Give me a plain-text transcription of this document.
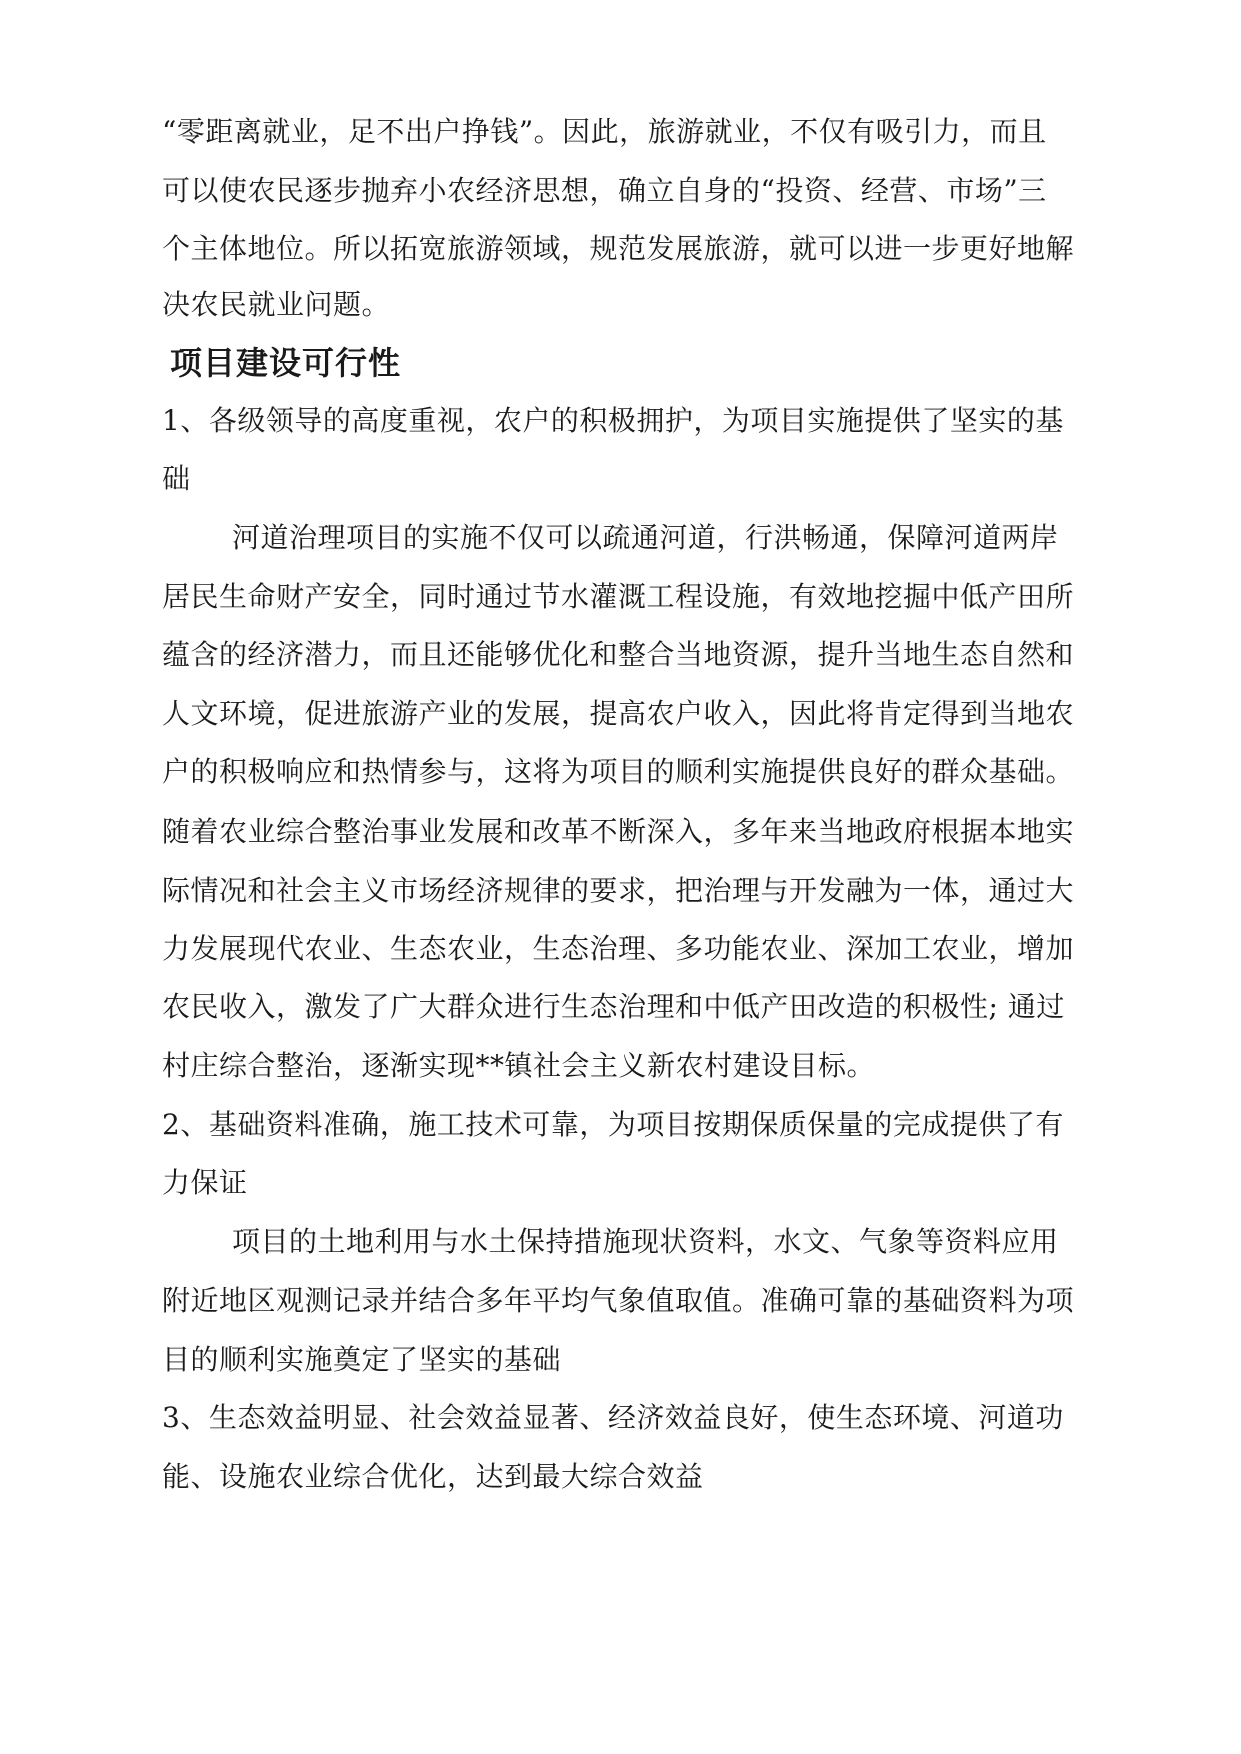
“零距离就业，足不出户挣钱”。因此，旅游就业，不仅有吸引力，而且
可以使农民逐步抛弃小农经济思想，确立自身的“投资、经营、市场”三
个主体地位。所以拓宽旅游领域，规范发展旅游，就可以进一步更好地解
决农民就业问题。
项目建设可行性
1、各级领导的高度重视，农户的积极拥护，为项目实施提供了坚实的基
础
河道治理项目的实施不仅可以疏通河道，行洪畅通，保障河道两岸
居民生命财产安全，同时通过节水灌溉工程设施，有效地挖掘中低产田所
蕴含的经济潜力，而且还能够优化和整合当地资源，提升当地生态自然和
人文环境，促进旅游产业的发展，提高农户收入，因此将肯定得到当地农
户的积极响应和热情参与，这将为项目的顺利实施提供良好的群众基础。
随着农业综合整治事业发展和改革不断深入，多年来当地政府根据本地实
际情况和社会主义市场经济规律的要求，把治理与开发融为一体，通过大
力发展现代农业、生态农业，生态治理、多功能农业、深加工农业，增加
农民收入，激发了广大群众进行生态治理和中低产田改造的积极性; 通过
村庄综合整治，逐渐实现**镇社会主义新农村建设目标。
2、基础资料准确，施工技术可靠，为项目按期保质保量的完成提供了有
力保证
项目的土地利用与水土保持措施现状资料，水文、气象等资料应用
附近地区观测记录并结合多年平均气象值取值。准确可靠的基础资料为项
目的顺利实施奠定了坚实的基础
3、生态效益明显、社会效益显著、经济效益良好，使生态环境、河道功
能、设施农业综合优化，达到最大综合效益
